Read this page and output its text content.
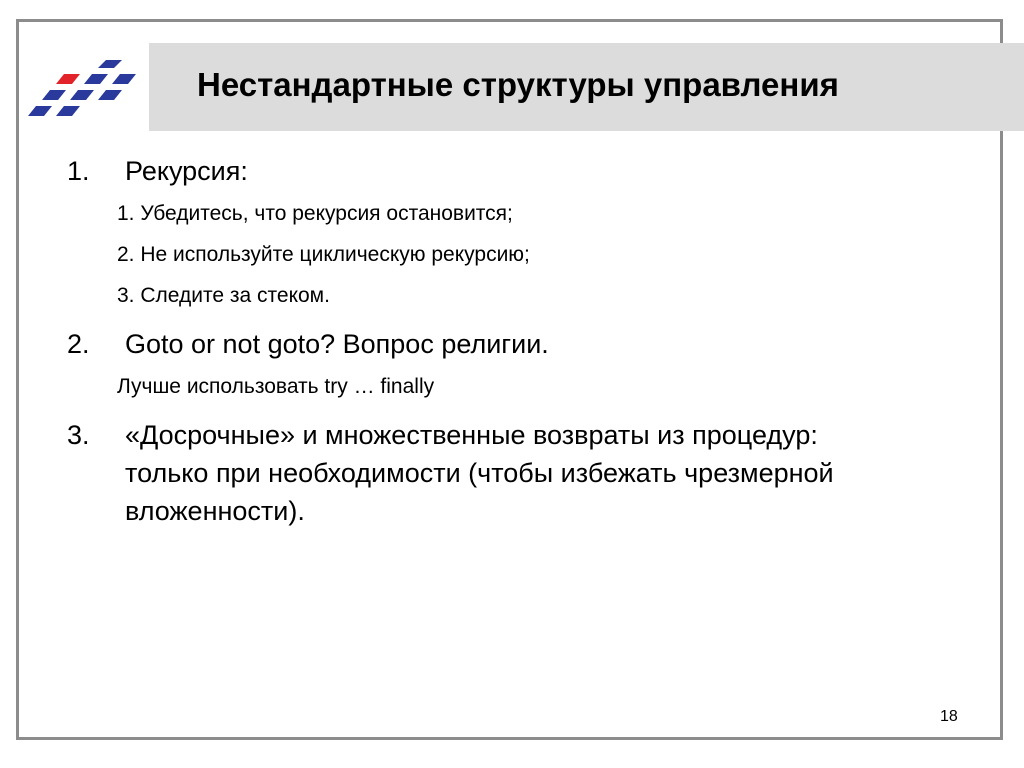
Нестандартные структуры управления
1. Рекурсия:
1. Убедитесь, что рекурсия остановится;
2. Не используйте циклическую рекурсию;
3. Следите за стеком.
2. Goto or not goto? Вопрос религии.
Лучше использовать try … finally
3. «Досрочные» и множественные возвраты из процедур: только при необходимости (чтобы избежать чрезмерной вложенности).
18
